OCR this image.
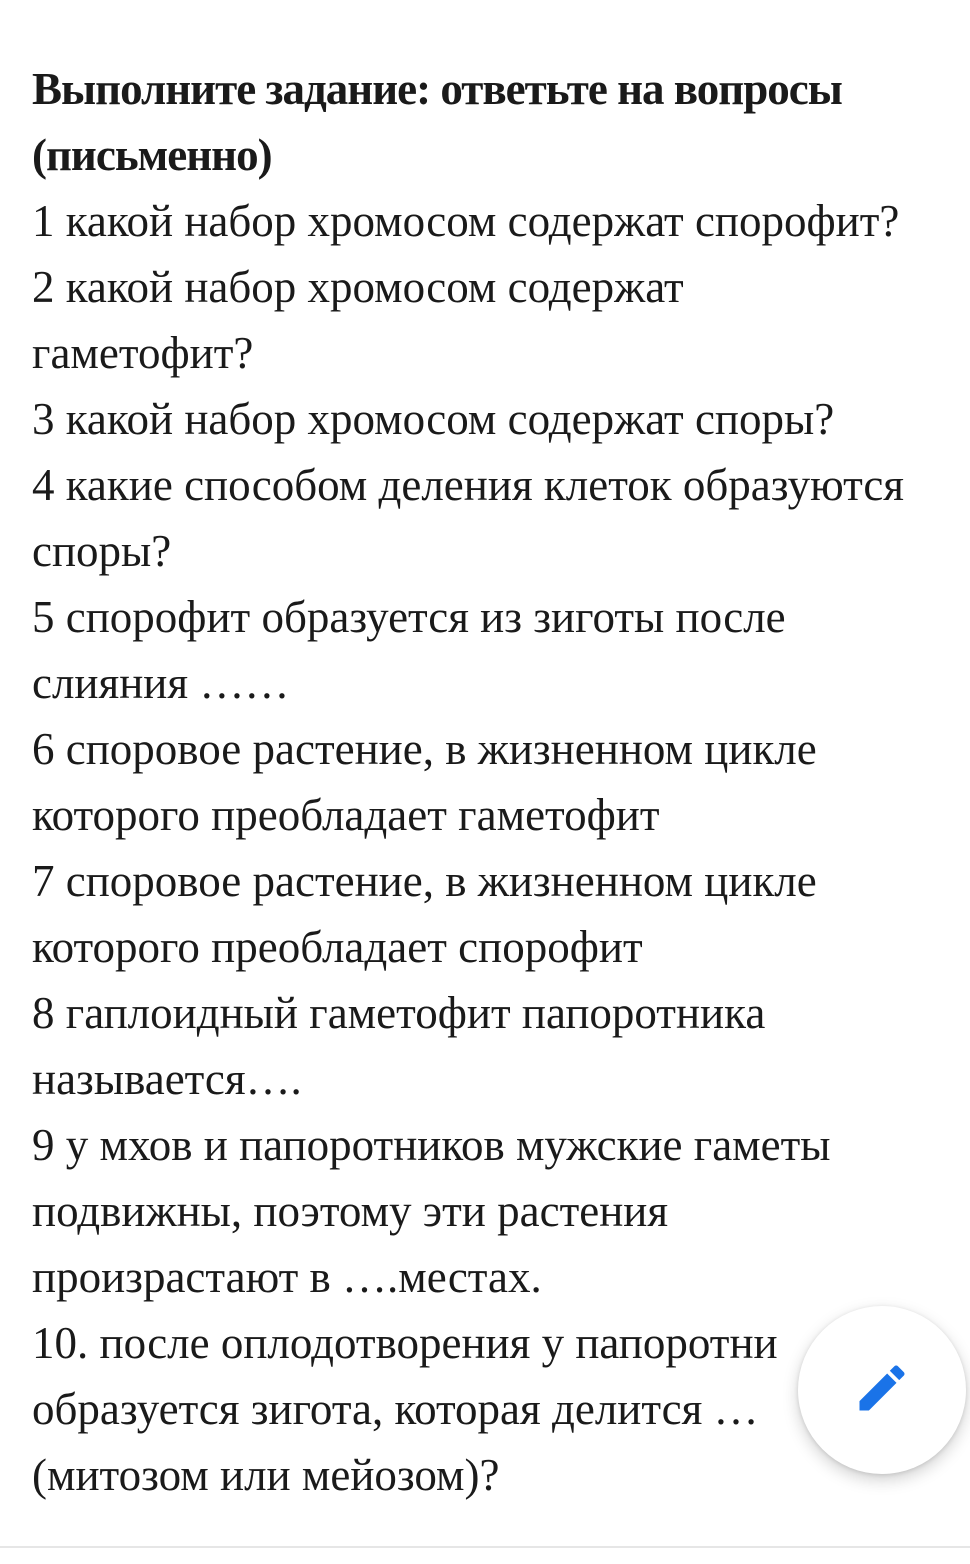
Выполните задание: ответьте на вопросы

(письменно)

1 какой набор хромосом содержат спорофит?

2 какой набор хромосом содержат

гаметофит?

3 какой набор хромосом содержат споры?

4 какие способом деления клеток образуются

споры?

5 спорофит образуется из зиготы после

слияния ……

6 споровое растение, в жизненном цикле

которого преобладает гаметофит

7 споровое растение, в жизненном цикле

которого преобладает спорофит

8 гаплоидный гаметофит папоротника

называется….

9 у мхов и папоротников мужские гаметы

подвижны, поэтому эти растения

произрастают в ….местах.

10. после оплодотворения у папоротни

образуется зигота, которая делится …

(митозом или мейозом)?
